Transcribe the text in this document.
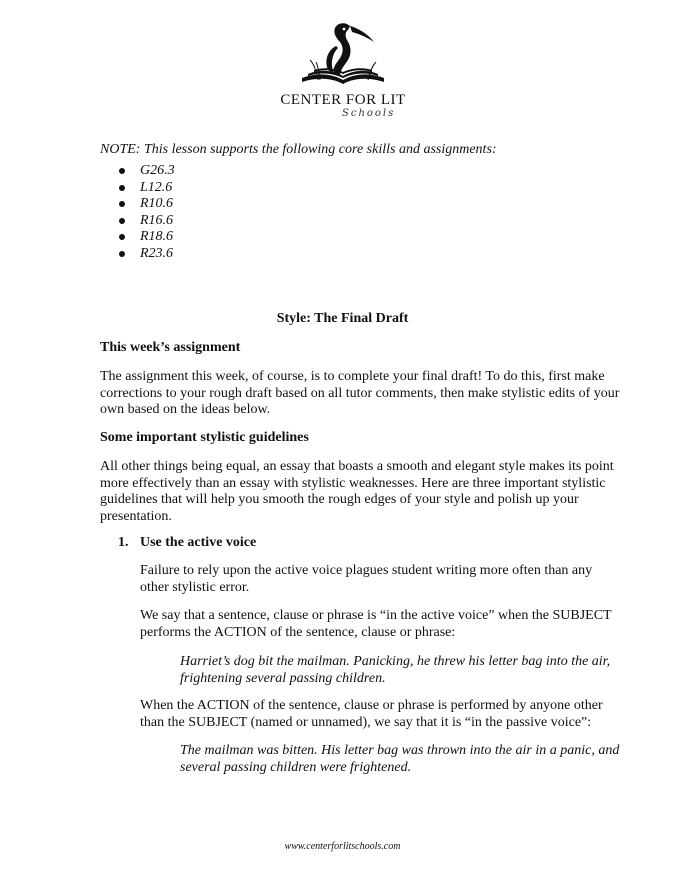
CENTER FOR LIT
Schools
NOTE: This lesson supports the following core skills and assignments:
G26.3
L12.6
R10.6
R16.6
R18.6
R23.6
Style: The Final Draft
This week’s assignment
The assignment this week, of course, is to complete your final draft! To do this, first make
corrections to your rough draft based on all tutor comments, then make stylistic edits of your
own based on the ideas below.
Some important stylistic guidelines
All other things being equal, an essay that boasts a smooth and elegant style makes its point
more effectively than an essay with stylistic weaknesses. Here are three important stylistic
guidelines that will help you smooth the rough edges of your style and polish up your
presentation.
1. Use the active voice
Failure to rely upon the active voice plagues student writing more often than any
other stylistic error.
We say that a sentence, clause or phrase is “in the active voice” when the SUBJECT
performs the ACTION of the sentence, clause or phrase:
Harriet’s dog bit the mailman. Panicking, he threw his letter bag into the air,
frightening several passing children.
When the ACTION of the sentence, clause or phrase is performed by anyone other
than the SUBJECT (named or unnamed), we say that it is “in the passive voice”:
The mailman was bitten. His letter bag was thrown into the air in a panic, and
several passing children were frightened.
www.centerforlitschools.com
